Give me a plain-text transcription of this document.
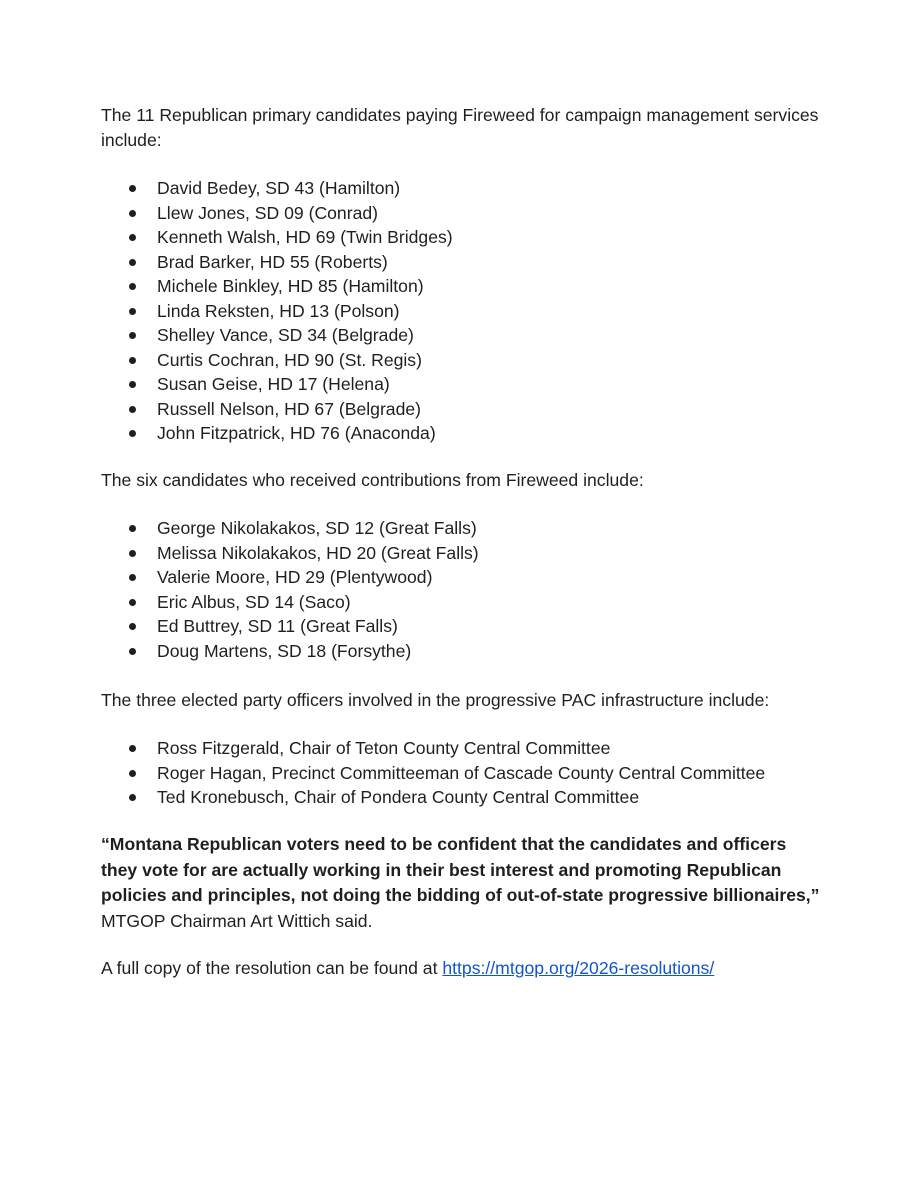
The 11 Republican primary candidates paying Fireweed for campaign management services include:

David Bedey, SD 43 (Hamilton)
Llew Jones, SD 09 (Conrad)
Kenneth Walsh, HD 69 (Twin Bridges)
Brad Barker, HD 55 (Roberts)
Michele Binkley, HD 85 (Hamilton)
Linda Reksten, HD 13 (Polson)
Shelley Vance, SD 34 (Belgrade)
Curtis Cochran, HD 90 (St. Regis)
Susan Geise, HD 17 (Helena)
Russell Nelson, HD 67 (Belgrade)
John Fitzpatrick, HD 76 (Anaconda)

The six candidates who received contributions from Fireweed include:

George Nikolakakos, SD 12 (Great Falls)
Melissa Nikolakakos, HD 20 (Great Falls)
Valerie Moore, HD 29 (Plentywood)
Eric Albus, SD 14 (Saco)
Ed Buttrey, SD 11 (Great Falls)
Doug Martens, SD 18 (Forsythe)

The three elected party officers involved in the progressive PAC infrastructure include:

Ross Fitzgerald, Chair of Teton County Central Committee
Roger Hagan, Precinct Committeeman of Cascade County Central Committee
Ted Kronebusch, Chair of Pondera County Central Committee

“Montana Republican voters need to be confident that the candidates and officers they vote for are actually working in their best interest and promoting Republican policies and principles, not doing the bidding of out-of-state progressive billionaires,” MTGOP Chairman Art Wittich said.

A full copy of the resolution can be found at https://mtgop.org/2026-resolutions/
